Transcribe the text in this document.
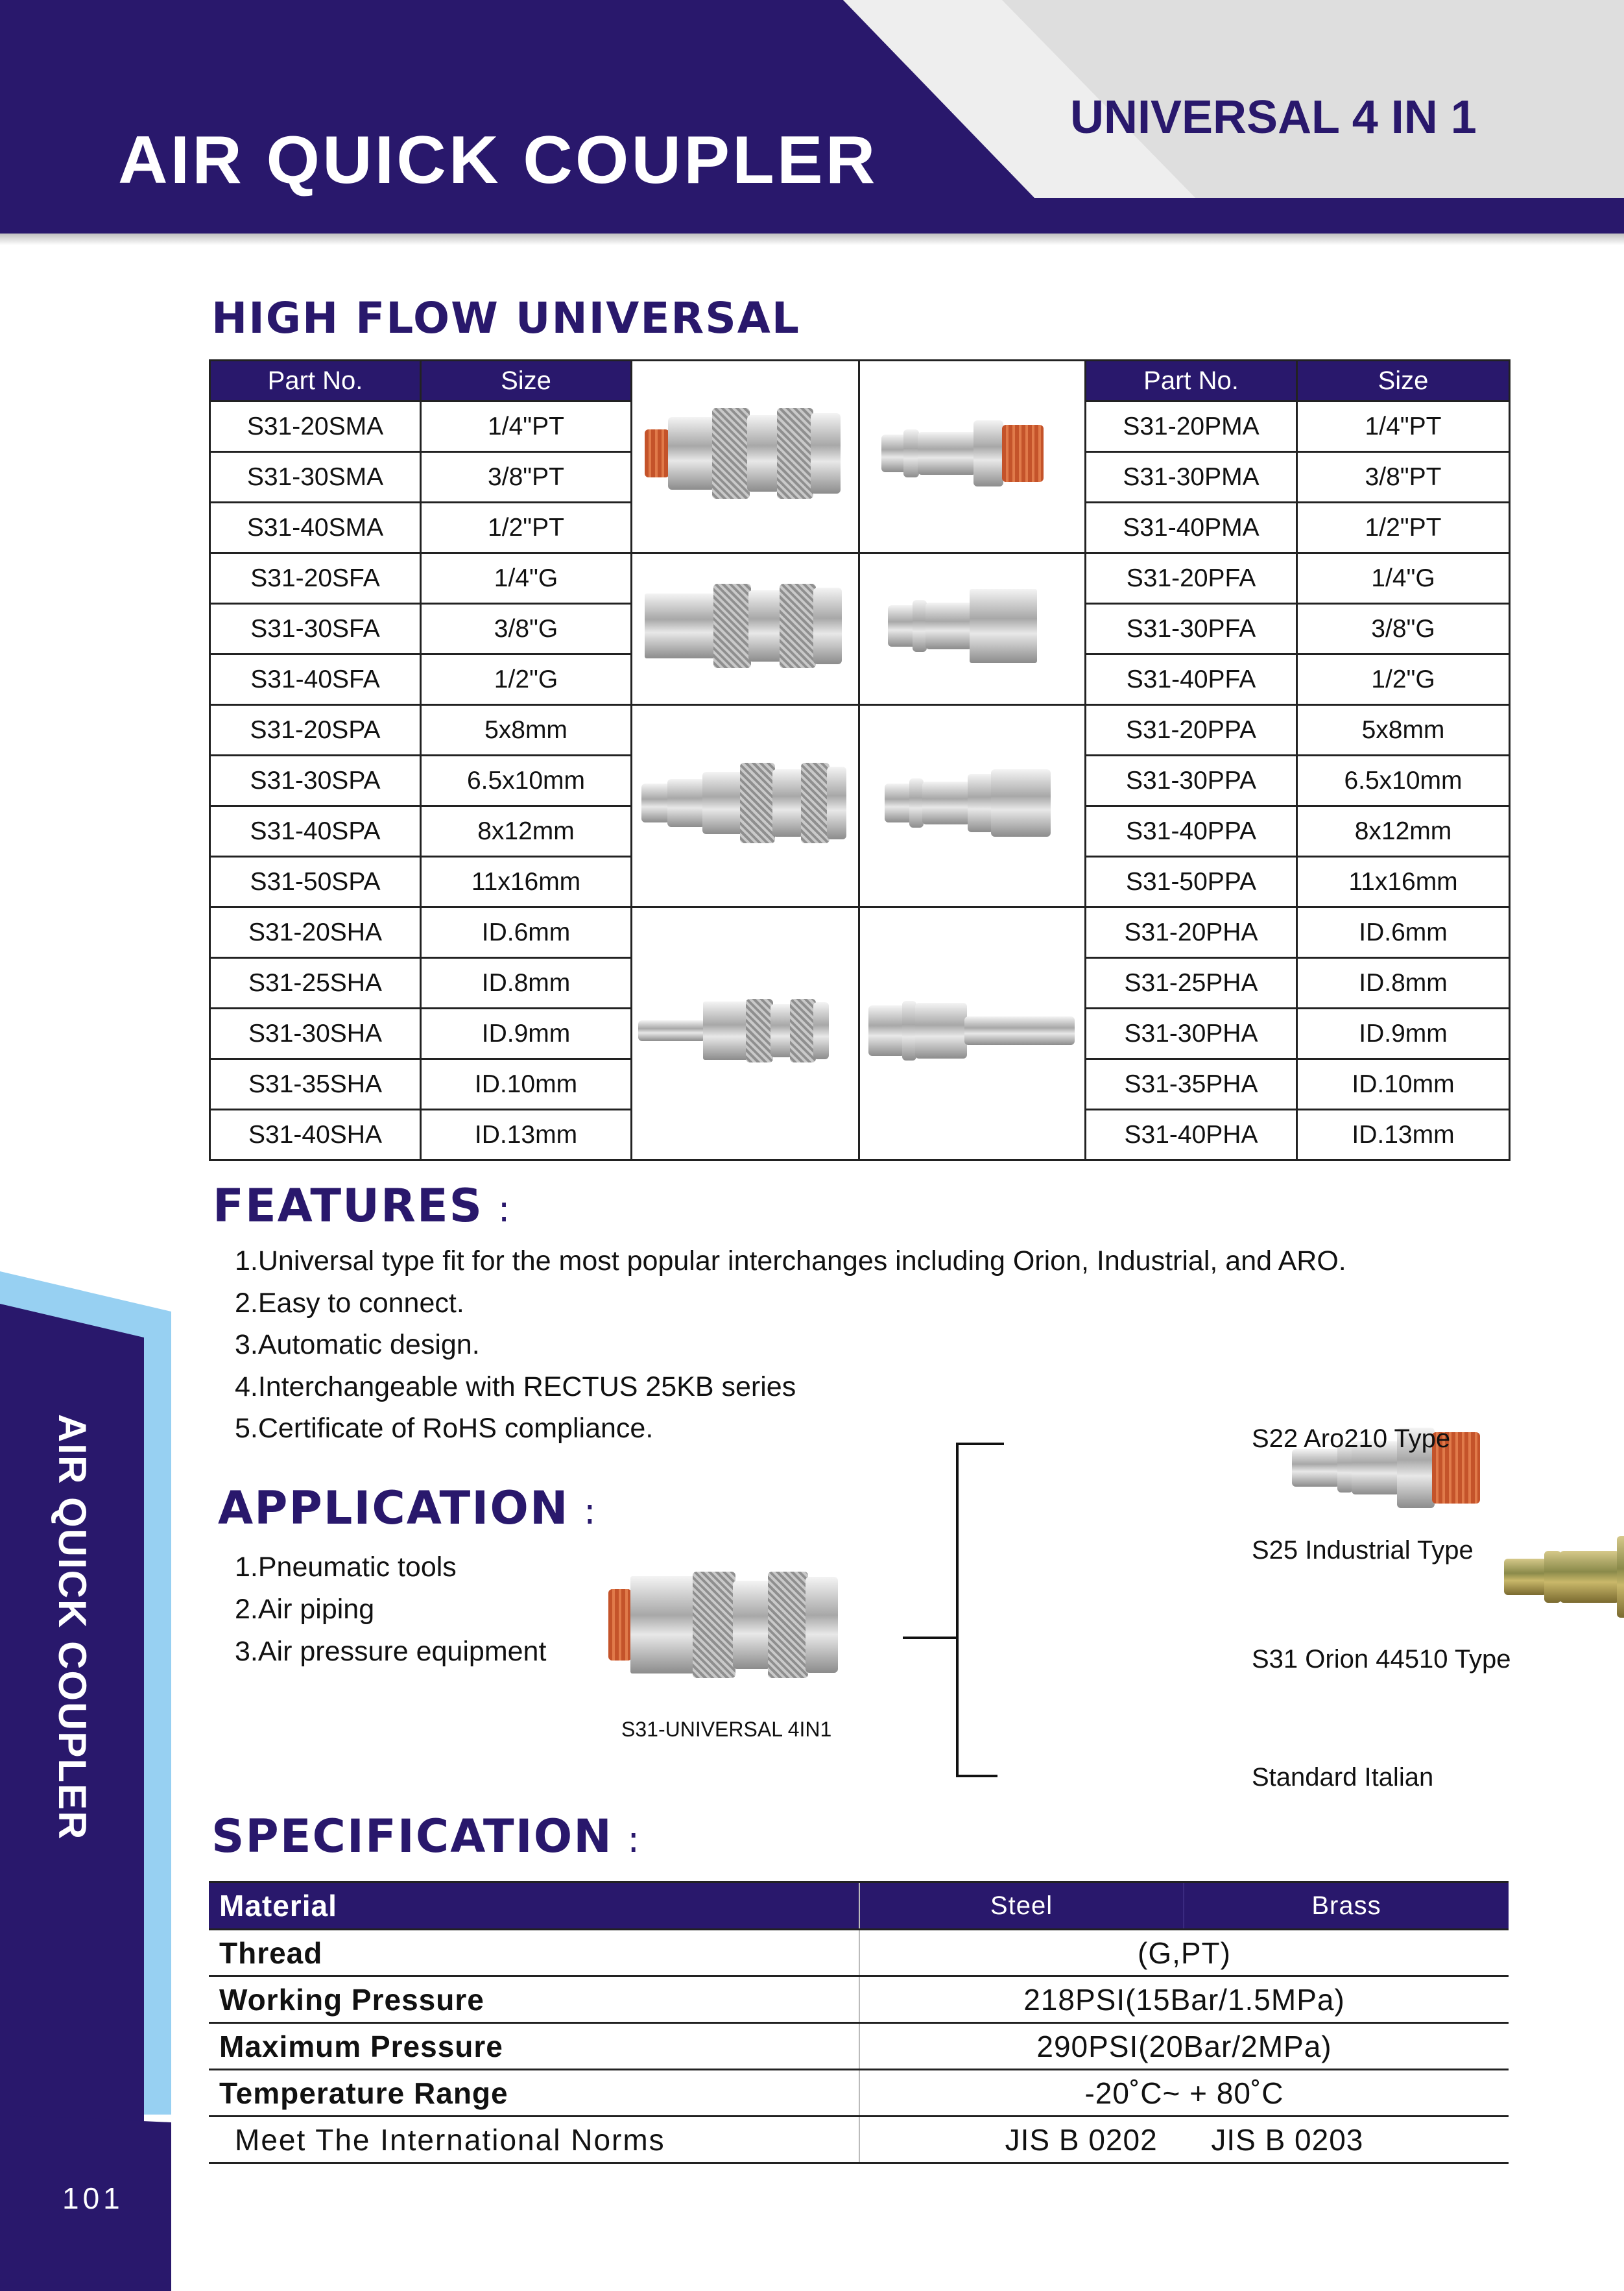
AIR QUICK COUPLER
UNIVERSAL 4 IN 1
AIR QUICK COUPLER
101
HIGH FLOW UNIVERSAL
Part No.	Size			Part No.	Size
S31-20SMA	1/4"PT			S31-20PMA	1/4"PT
S31-30SMA	3/8"PT			S31-30PMA	3/8"PT
S31-40SMA	1/2"PT			S31-40PMA	1/2"PT
S31-20SFA	1/4"G			S31-20PFA	1/4"G
S31-30SFA	3/8"G			S31-30PFA	3/8"G
S31-40SFA	1/2"G			S31-40PFA	1/2"G
S31-20SPA	5x8mm			S31-20PPA	5x8mm
S31-30SPA	6.5x10mm			S31-30PPA	6.5x10mm
S31-40SPA	8x12mm			S31-40PPA	8x12mm
S31-50SPA	11x16mm			S31-50PPA	11x16mm
S31-20SHA	ID.6mm			S31-20PHA	ID.6mm
S31-25SHA	ID.8mm			S31-25PHA	ID.8mm
S31-30SHA	ID.9mm			S31-30PHA	ID.9mm
S31-35SHA	ID.10mm			S31-35PHA	ID.10mm
S31-40SHA	ID.13mm			S31-40PHA	ID.13mm
FEATURES :
1.Universal type fit for the most popular interchanges including Orion, Industrial, and ARO.
2.Easy to connect.
3.Automatic design.
4.Interchangeable with RECTUS 25KB series
5.Certificate of RoHS compliance.
APPLICATION :
1.Pneumatic tools
2.Air piping
3.Air pressure equipment

S31-UNIVERSAL 4IN1

S22 Aro210 Type

S25 Industrial Type

S31 Orion 44510 Type
Standard Italian
SPECIFICATION :
Material	Steel	Brass
Thread	(G,PT)	
Working Pressure	218PSI(15Bar/1.5MPa)	
Maximum Pressure	290PSI(20Bar/2MPa)	
Temperature Range	-20˚C~ + 80˚C	
Meet The International Norms	JIS B 0202      JIS B 0203	
